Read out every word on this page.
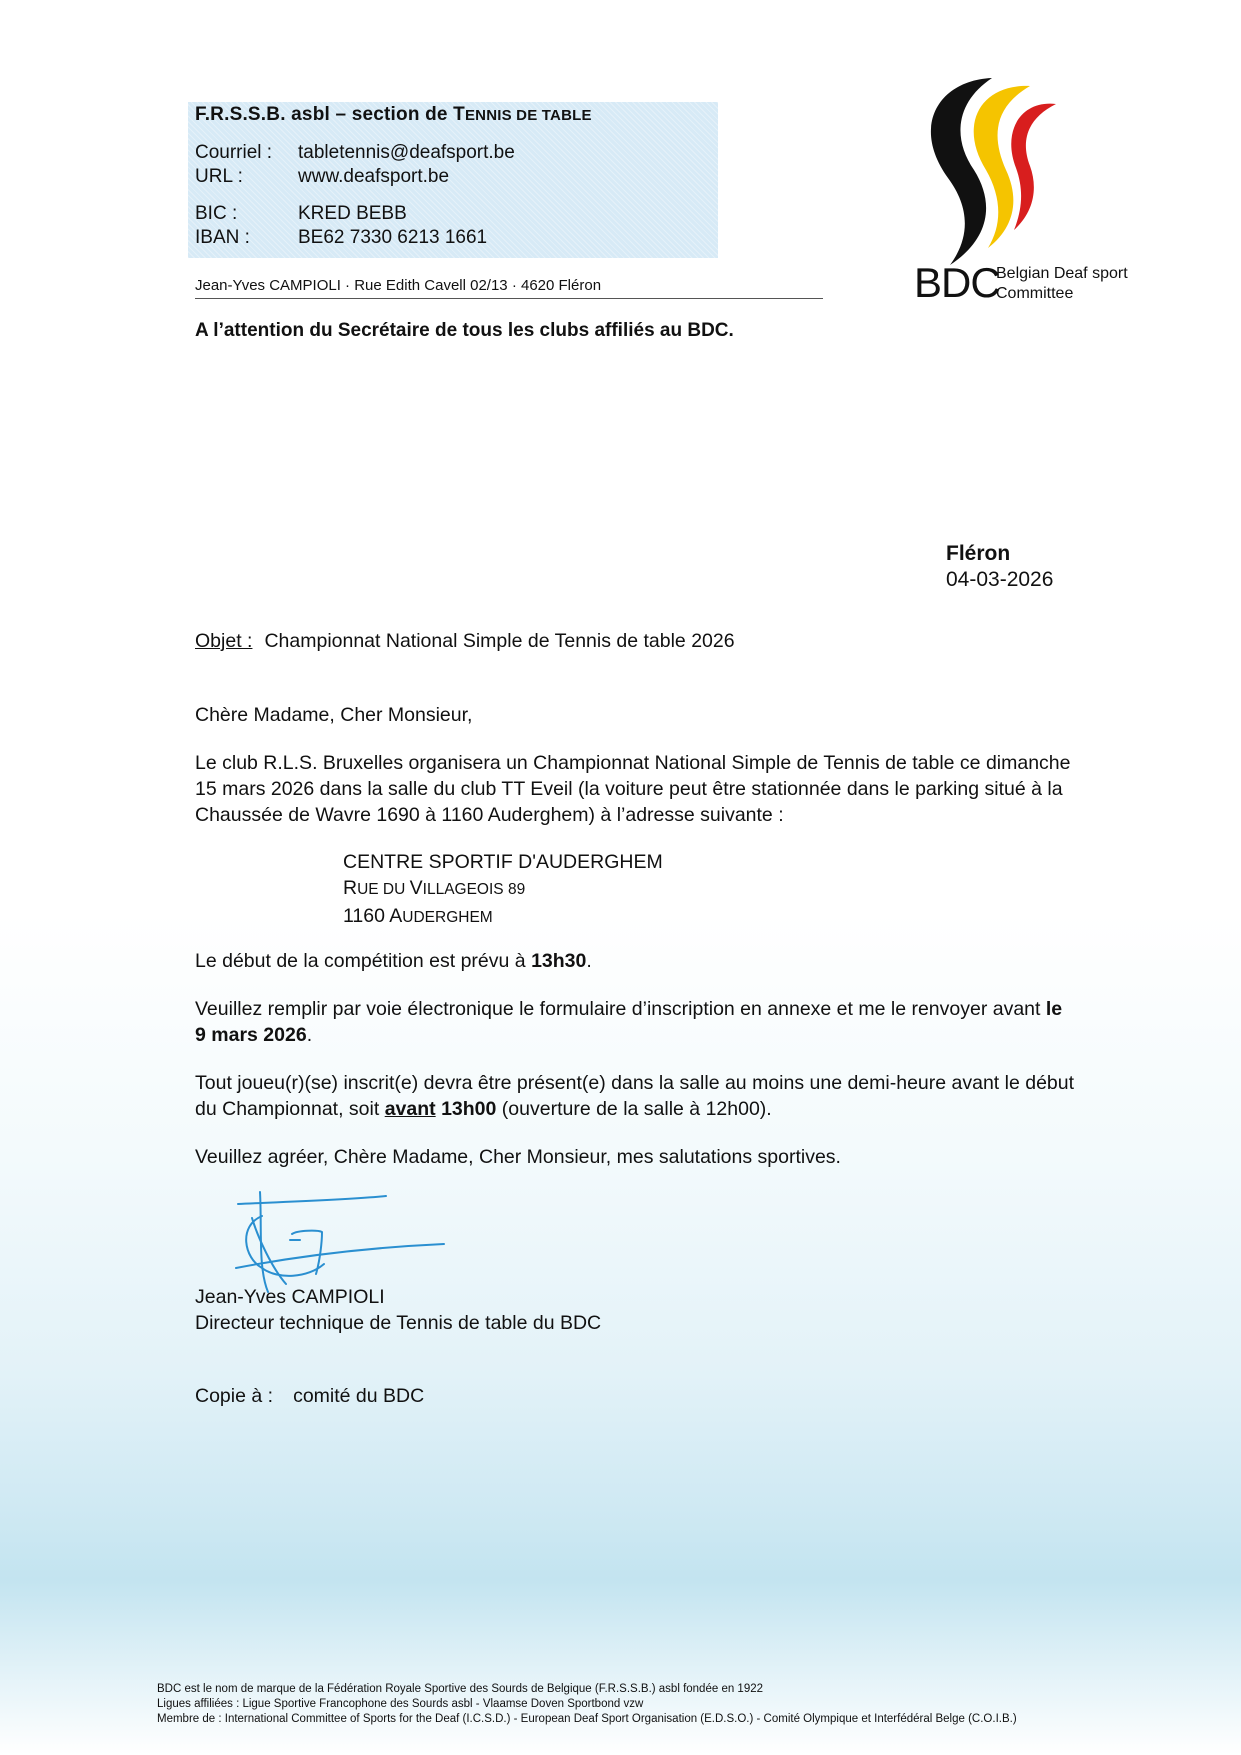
F.R.S.S.B. asbl – section de TENNIS DE TABLE
Courriel : tabletennis@deafsport.be
URL :	www.deafsport.be
BIC :	KRED BEBB
IBAN :	BE62 7330 6213 1661
Jean-Yves CAMPIOLI · Rue Edith Cavell 02/13 · 4620 Fléron	BDC
Belgian Deaf sport
Committee
A l’attention du Secrétaire de tous les clubs affiliés au BDC.
Fléron
04-03-2026
Objet : Championnat National Simple de Tennis de table 2026
Chère Madame, Cher Monsieur,
Le club R.L.S. Bruxelles organisera un Championnat National Simple de Tennis de table ce dimanche
15 mars 2026 dans la salle du club TT Eveil (la voiture peut être stationnée dans le parking situé à la
Chaussée de Wavre 1690 à 1160 Auderghem) à l’adresse suivante :
CENTRE SPORTIF D'AUDERGHEM
RUE DU VILLAGEOIS 89
1160 AUDERGHEM
Le début de la compétition est prévu à 13h30.
Veuillez remplir par voie électronique le formulaire d’inscription en annexe et me le renvoyer avant le
9 mars 2026.
Tout joueu(r)(se) inscrit(e) devra être présent(e) dans la salle au moins une demi-heure avant le début
du Championnat, soit avant 13h00 (ouverture de la salle à 12h00).
Veuillez agréer, Chère Madame, Cher Monsieur, mes salutations sportives.
Jean-Yves CAMPIOLI
Directeur technique de Tennis de table du BDC
Copie à : comité du BDC
BDC est le nom de marque de la Fédération Royale Sportive des Sourds de Belgique (F.R.S.S.B.) asbl fondée en 1922
Ligues affiliées : Ligue Sportive Francophone des Sourds asbl - Vlaamse Doven Sportbond vzw
Membre de : International Committee of Sports for the Deaf (I.C.S.D.) - European Deaf Sport Organisation (E.D.S.O.) - Comité Olympique et Interfédéral Belge (C.O.I.B.)
